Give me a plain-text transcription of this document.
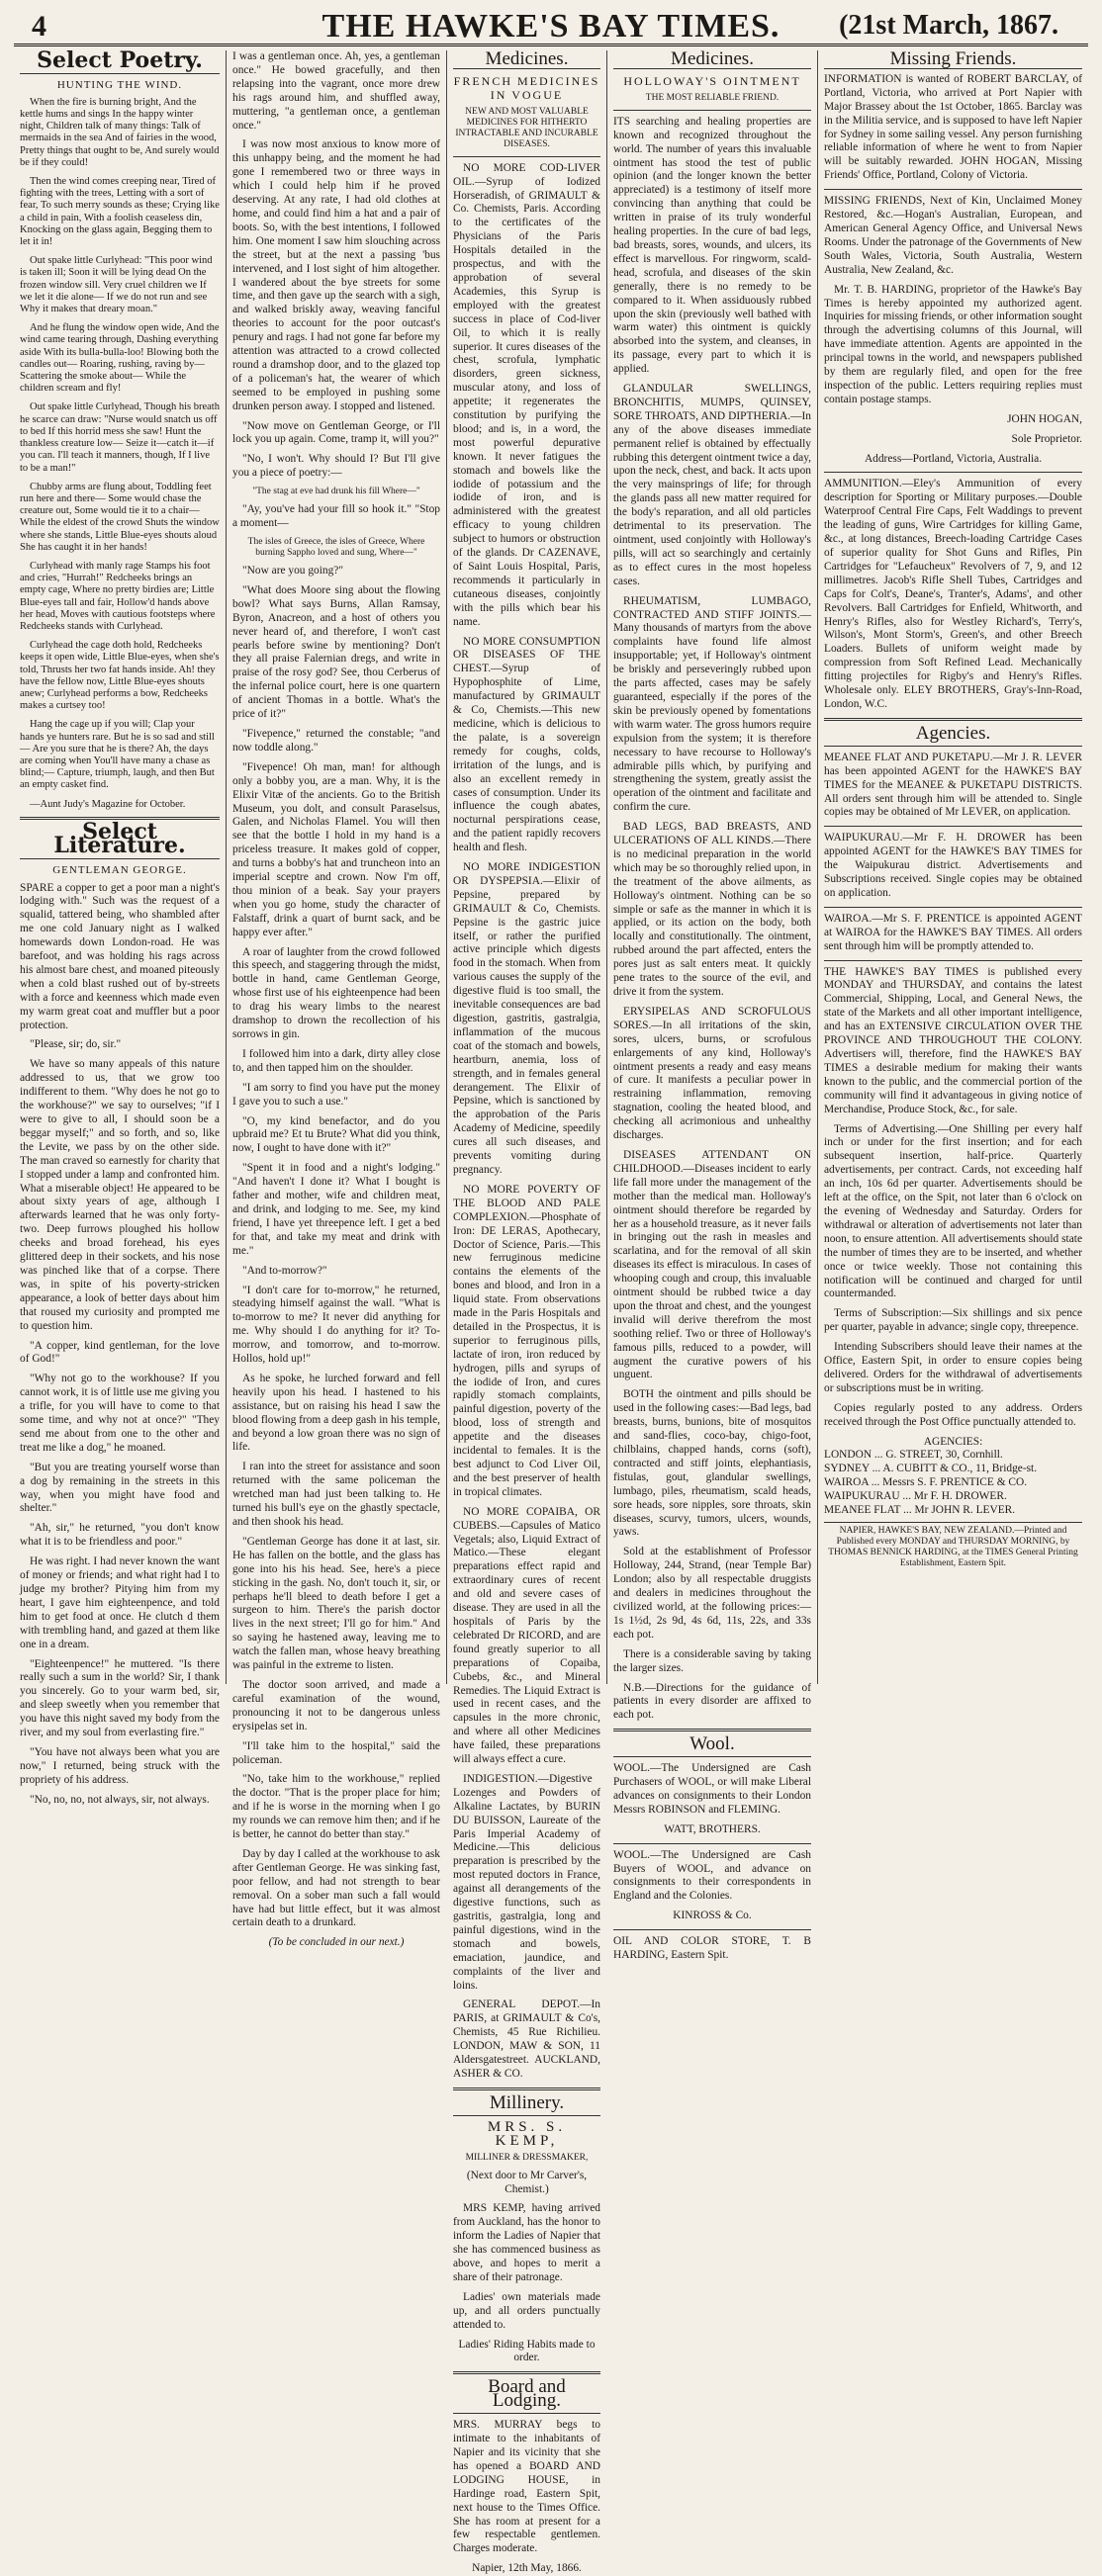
4	THE HAWKE'S BAY TIMES.	(21st March, 1867.
Select Poetry.
HUNTING THE WIND.

When the fire is burning bright, And the kettle hums and sings In the happy winter night, Children talk of many things: Talk of mermaids in the sea And of fairies in the wood, Pretty things that ought to be, And surely would be if they could!

Then the wind comes creeping near, Tired of fighting with the trees, Letting with a sort of fear, To such merry sounds as these; Crying like a child in pain, With a foolish ceaseless din, Knocking on the glass again, Begging them to let it in!

Out spake little Curlyhead: "This poor wind is taken ill; Soon it will be lying dead On the frozen window sill. Very cruel children we If we let it die alone— If we do not run and see Why it makes that dreary moan."

And he flung the window open wide, And the wind came tearing through, Dashing everything aside With its bulla-bulla-loo! Blowing both the candles out— Roaring, rushing, raving by— Scattering the smoke about— While the children scream and fly!

Out spake little Curlyhead, Though his breath he scarce can draw: "Nurse would snatch us off to bed If this horrid mess she saw! Hunt the thankless creature low— Seize it—catch it—if you can. I'll teach it manners, though, If I live to be a man!"

Chubby arms are flung about, Toddling feet run here and there— Some would chase the creature out, Some would tie it to a chair— While the eldest of the crowd Shuts the window where she stands, Little Blue-eyes shouts aloud She has caught it in her hands!

Curlyhead with manly rage Stamps his foot and cries, "Hurrah!" Redcheeks brings an empty cage, Where no pretty birdies are; Little Blue-eyes tall and fair, Hollow'd hands above her head, Moves with cautious footsteps where Redcheeks stands with Curlyhead.

Curlyhead the cage doth hold, Redcheeks keeps it open wide, Little Blue-eyes, when she's told, Thrusts her two fat hands inside. Ah! they have the fellow now, Little Blue-eyes shouts anew; Curlyhead performs a bow, Redcheeks makes a curtsey too!

Hang the cage up if you will; Clap your hands ye hunters rare. But he is so sad and still— Are you sure that he is there? Ah, the days are coming when You'll have many a chase as blind;— Capture, triumph, laugh, and then But an empty casket find.

—Aunt Judy's Magazine for October.

Select Literature.
GENTLEMAN GEORGE.

SPARE a copper to get a poor man a night's lodging with." Such was the request of a squalid, tattered being, who shambled after me one cold January night as I walked homewards down London-road. He was barefoot, and was holding his rags across his almost bare chest, and moaned piteously when a cold blast rushed out of by-streets with a force and keenness which made even my warm great coat and muffler but a poor protection.

"Please, sir; do, sir."

We have so many appeals of this nature addressed to us, that we grow too indifferent to them. "Why does he not go to the workhouse?" we say to ourselves; "if I were to give to all, I should soon be a beggar myself;" and so forth, and so, like the Levite, we pass by on the other side. The man craved so earnestly for charity that I stopped under a lamp and confronted him. What a miserable object! He appeared to be about sixty years of age, although I afterwards learned that he was only forty-two. Deep furrows ploughed his hollow cheeks and broad forehead, his eyes glittered deep in their sockets, and his nose was pinched like that of a corpse. There was, in spite of his poverty-stricken appearance, a look of better days about him that roused my curiosity and prompted me to question him.

"A copper, kind gentleman, for the love of God!"

"Why not go to the workhouse? If you cannot work, it is of little use me giving you a trifle, for you will have to come to that some time, and why not at once?" "They send me about from one to the other and treat me like a dog," he moaned.

"But you are treating yourself worse than a dog by remaining in the streets in this way, when you might have food and shelter."

"Ah, sir," he returned, "you don't know what it is to be friendless and poor."

He was right. I had never known the want of money or friends; and what right had I to judge my brother? Pitying him from my heart, I gave him eighteenpence, and told him to get food at once. He clutch d them with trembling hand, and gazed at them like one in a dream.

"Eighteenpence!" he muttered. "Is there really such a sum in the world? Sir, I thank you sincerely. Go to your warm bed, sir, and sleep sweetly when you remember that you have this night saved my body from the river, and my soul from everlasting fire."

"You have not always been what you are now," I returned, being struck with the propriety of his address.

"No, no, no, not always, sir, not always.

I was a gentleman once. Ah, yes, a gentleman once." He bowed gracefully, and then relapsing into the vagrant, once more drew his rags around him, and shuffled away, muttering, "a gentleman once, a gentleman once."

I was now most anxious to know more of this unhappy being, and the moment he had gone I remembered two or three ways in which I could help him if he proved deserving. At any rate, I had old clothes at home, and could find him a hat and a pair of boots. So, with the best intentions, I followed him. One moment I saw him slouching across the street, but at the next a passing 'bus intervened, and I lost sight of him altogether. I wandered about the bye streets for some time, and then gave up the search with a sigh, and walked briskly away, weaving fanciful theories to account for the poor outcast's penury and rags. I had not gone far before my attention was attracted to a crowd collected round a dramshop door, and to the glazed top of a policeman's hat, the wearer of which seemed to be employed in pushing some drunken person away. I stopped and listened.

"Now move on Gentleman George, or I'll lock you up again. Come, tramp it, will you?"

"No, I won't. Why should I? But I'll give you a piece of poetry:—

"The stag at eve had drunk his fill Where—"

"Ay, you've had your fill so hook it." "Stop a moment—

The isles of Greece, the isles of Greece, Where burning Sappho loved and sung, Where—"

"Now are you going?"

"What does Moore sing about the flowing bowl? What says Burns, Allan Ramsay, Byron, Anacreon, and a host of others you never heard of, and therefore, I won't cast pearls before swine by mentioning? Don't they all praise Falernian dregs, and write in praise of the rosy god? See, thou Cerberus of the infernal police court, here is one quartern of ancient Thomas in a bottle. What's the price of it?"

"Fivepence," returned the constable; "and now toddle along."

"Fivepence! Oh man, man! for although only a bobby you, are a man. Why, it is the Elixir Vitæ of the ancients. Go to the British Museum, you dolt, and consult Paraselsus, Galen, and Nicholas Flamel. You will then see that the bottle I hold in my hand is a priceless treasure. It makes gold of copper, and turns a bobby's hat and truncheon into an imperial sceptre and crown. Now I'm off, thou minion of a beak. Say your prayers when you go home, study the character of Falstaff, drink a quart of burnt sack, and be happy ever after."

A roar of laughter from the crowd followed this speech, and staggering through the midst, bottle in hand, came Gentleman George, whose first use of his eighteenpence had been to drag his weary limbs to the nearest dramshop to drown the recollection of his sorrows in gin.

I followed him into a dark, dirty alley close to, and then tapped him on the shoulder.

"I am sorry to find you have put the money I gave you to such a use."

"O, my kind benefactor, and do you upbraid me? Et tu Brute? What did you think, now, I ought to have done with it?"

"Spent it in food and a night's lodging." "And haven't I done it? What I bought is father and mother, wife and children meat, and drink, and lodging to me. See, my kind friend, I have yet threepence left. I get a bed for that, and take my meat and drink with me."

"And to-morrow?"

"I don't care for to-morrow," he returned, steadying himself against the wall. "What is to-morrow to me? It never did anything for me. Why should I do anything for it? To-morrow, and tomorrow, and to-morrow. Hollos, hold up!"

As he spoke, he lurched forward and fell heavily upon his head. I hastened to his assistance, but on raising his head I saw the blood flowing from a deep gash in his temple, and beyond a low groan there was no sign of life.

I ran into the street for assistance and soon returned with the same policeman the wretched man had just been talking to. He turned his bull's eye on the ghastly spectacle, and then shook his head.

"Gentleman George has done it at last, sir. He has fallen on the bottle, and the glass has gone into his his head. See, here's a piece sticking in the gash. No, don't touch it, sir, or perhaps he'll bleed to death before I get a surgeon to him. There's the parish doctor lives in the next street; I'll go for him." And so saying he hastened away, leaving me to watch the fallen man, whose heavy breathing was painful in the extreme to listen.

The doctor soon arrived, and made a careful examination of the wound, pronouncing it not to be dangerous unless erysipelas set in.

"I'll take him to the hospital," said the policeman.

"No, take him to the workhouse," replied the doctor. "That is the proper place for him; and if he is worse in the morning when I go my rounds we can remove him then; and if he is better, he cannot do better than stay."

Day by day I called at the workhouse to ask after Gentleman George. He was sinking fast, poor fellow, and had not strength to bear removal. On a sober man such a fall would have had but little effect, but it was almost certain death to a drunkard.

(To be concluded in our next.)

Medicines.

FRENCH MEDICINES IN VOGUE

NEW AND MOST VALUABLE MEDICINES FOR HITHERTO INTRACTABLE AND INCURABLE DISEASES.

NO MORE COD-LIVER OIL.—Syrup of Iodized Horseradish, of GRIMAULT & Co. Chemists, Paris. According to the certificates of the Physicians of the Paris Hospitals detailed in the prospectus, and with the approbation of several Academies, this Syrup is employed with the greatest success in place of Cod-liver Oil, to which it is really superior. It cures diseases of the chest, scrofula, lymphatic disorders, green sickness, muscular atony, and loss of appetite; it regenerates the constitution by purifying the blood; and is, in a word, the most powerful depurative known. It never fatigues the stomach and bowels like the iodide of potassium and the iodide of iron, and is administered with the greatest efficacy to young children subject to humors or obstruction of the glands. Dr CAZENAVE, of Saint Louis Hospital, Paris, recommends it particularly in cutaneous diseases, conjointly with the pills which bear his name.

NO MORE CONSUMPTION OR DISEASES OF THE CHEST.—Syrup of Hypophosphite of Lime, manufactured by GRIMAULT & Co, Chemists.—This new medicine, which is delicious to the palate, is a sovereign remedy for coughs, colds, irritation of the lungs, and is also an excellent remedy in cases of consumption. Under its influence the cough abates, nocturnal perspirations cease, and the patient rapidly recovers health and flesh.

NO MORE INDIGESTION OR DYSPEPSIA.—Elixir of Pepsine, prepared by GRIMAULT & Co, Chemists. Pepsine is the gastric juice itself, or rather the purified active principle which digests food in the stomach. When from various causes the supply of the digestive fluid is too small, the inevitable consequences are bad digestion, gastritis, gastralgia, inflammation of the mucous coat of the stomach and bowels, heartburn, anemia, loss of strength, and in females general derangement. The Elixir of Pepsine, which is sanctioned by the approbation of the Paris Academy of Medicine, speedily cures all such diseases, and prevents vomiting during pregnancy.

NO MORE POVERTY OF THE BLOOD AND PALE COMPLEXION.—Phosphate of Iron: DE LERAS, Apothecary, Doctor of Science, Paris.—This new ferruginous medicine contains the elements of the bones and blood, and Iron in a liquid state. From observations made in the Paris Hospitals and detailed in the Prospectus, it is superior to ferruginous pills, lactate of iron, iron reduced by hydrogen, pills and syrups of the iodide of Iron, and cures rapidly stomach complaints, painful digestion, poverty of the blood, loss of strength and appetite and the diseases incidental to females. It is the best adjunct to Cod Liver Oil, and the best preserver of health in tropical climates.

NO MORE COPAIBA, OR CUBEBS.—Capsules of Matico Vegetals; also, Liquid Extract of Matico.—These elegant preparations effect rapid and extraordinary cures of recent and old and severe cases of disease. They are used in all the hospitals of Paris by the celebrated Dr RICORD, and are found greatly superior to all preparations of Copaiba, Cubebs, &c., and Mineral Remedies. The Liquid Extract is used in recent cases, and the capsules in the more chronic, and where all other Medicines have failed, these preparations will always effect a cure.

INDIGESTION.—Digestive Lozenges and Powders of Alkaline Lactates, by BURIN DU BUISSON, Laureate of the Paris Imperial Academy of Medicine.—This delicious preparation is prescribed by the most reputed doctors in France, against all derangements of the digestive functions, such as gastritis, gastralgia, long and painful digestions, wind in the stomach and bowels, emaciation, jaundice, and complaints of the liver and loins.

GENERAL DEPOT.—In PARIS, at GRIMAULT & Co's, Chemists, 45 Rue Richilieu. LONDON, MAW & SON, 11 Aldersgatestreet. AUCKLAND, ASHER & CO.

Millinery.

MRS. S. KEMP,

MILLINER & DRESSMAKER,

(Next door to Mr Carver's, Chemist.)

MRS KEMP, having arrived from Auckland, has the honor to inform the Ladies of Napier that she has commenced business as above, and hopes to merit a share of their patronage.

Ladies' own materials made up, and all orders punctually attended to.

Ladies' Riding Habits made to order.

Board and Lodging.

MRS. MURRAY begs to intimate to the inhabitants of Napier and its vicinity that she has opened a BOARD AND LODGING HOUSE, in Hardinge road, Eastern Spit, next house to the Times Office. She has room at present for a few respectable gentlemen. Charges moderate.

Napier, 12th May, 1866.

Medicines.

HOLLOWAY'S OINTMENT

THE MOST RELIABLE FRIEND.

ITS searching and healing properties are known and recognized throughout the world. The number of years this invaluable ointment has stood the test of public opinion (and the longer known the better appreciated) is a testimony of itself more convincing than anything that could be written in praise of its truly wonderful healing properties. In the cure of bad legs, bad breasts, sores, wounds, and ulcers, its effect is marvellous. For ringworm, scald-head, scrofula, and diseases of the skin generally, there is no remedy to be compared to it. When assiduously rubbed upon the skin (previously well bathed with warm water) this ointment is quickly absorbed into the system, and cleanses, in its passage, every part to which it is applied.

GLANDULAR SWELLINGS, BRONCHITIS, MUMPS, QUINSEY, SORE THROATS, AND DIPTHERIA.—In any of the above diseases immediate permanent relief is obtained by effectually rubbing this detergent ointment twice a day, upon the neck, chest, and back. It acts upon the very mainsprings of life; for through the glands pass all new matter required for the body's reparation, and all old particles detrimental to its preservation. The ointment, used conjointly with Holloway's pills, will act so searchingly and certainly as to effect cures in the most hopeless cases.

RHEUMATISM, LUMBAGO, CONTRACTED AND STIFF JOINTS.—Many thousands of martyrs from the above complaints have found life almost insupportable; yet, if Holloway's ointment be briskly and perseveringly rubbed upon the parts affected, cases may be safely guaranteed, especially if the pores of the skin be previously opened by fomentations with warm water. The gross humors require expulsion from the system; it is therefore necessary to have recourse to Holloway's admirable pills which, by purifying and strengthening the system, greatly assist the operation of the ointment and facilitate and confirm the cure.

BAD LEGS, BAD BREASTS, AND ULCERATIONS OF ALL KINDS.—There is no medicinal preparation in the world which may be so thoroughly relied upon, in the treatment of the above ailments, as Holloway's ointment. Nothing can be so simple or safe as the manner in which it is applied, or its action on the body, both locally and constitutionally. The ointment, rubbed around the part affected, enters the pores just as salt enters meat. It quickly pene trates to the source of the evil, and drive it from the system.

ERYSIPELAS AND SCROFULOUS SORES.—In all irritations of the skin, sores, ulcers, burns, or scrofulous enlargements of any kind, Holloway's ointment presents a ready and easy means of cure. It manifests a peculiar power in restraining inflammation, removing stagnation, cooling the heated blood, and checking all acrimonious and unhealthy discharges.

DISEASES ATTENDANT ON CHILDHOOD.—Diseases incident to early life fall more under the management of the mother than the medical man. Holloway's ointment should therefore be regarded by her as a household treasure, as it never fails in bringing out the rash in measles and scarlatina, and for the removal of all skin diseases its effect is miraculous. In cases of whooping cough and croup, this invaluable ointment should be rubbed twice a day upon the throat and chest, and the youngest invalid will derive therefrom the most soothing relief. Two or three of Holloway's famous pills, reduced to a powder, will augment the curative powers of his unguent.

BOTH the ointment and pills should be used in the following cases:—Bad legs, bad breasts, burns, bunions, bite of mosquitos and sand-flies, coco-bay, chigo-foot, chilblains, chapped hands, corns (soft), contracted and stiff joints, elephantiasis, fistulas, gout, glandular swellings, lumbago, piles, rheumatism, scald heads, sore heads, sore nipples, sore throats, skin diseases, scurvy, tumors, ulcers, wounds, yaws.

Sold at the establishment of Professor Holloway, 244, Strand, (near Temple Bar) London; also by all respectable druggists and dealers in medicines throughout the civilized world, at the following prices:—1s 1½d, 2s 9d, 4s 6d, 11s, 22s, and 33s each pot.

There is a considerable saving by taking the larger sizes.

N.B.—Directions for the guidance of patients in every disorder are affixed to each pot.

Wool.

WOOL.—The Undersigned are Cash Purchasers of WOOL, or will make Liberal advances on consignments to their London Messrs ROBINSON and FLEMING.

WATT, BROTHERS.

WOOL.—The Undersigned are Cash Buyers of WOOL, and advance on consignments to their correspondents in England and the Colonies.

KINROSS & Co.

OIL AND COLOR STORE, T. B HARDING, Eastern Spit.

Missing Friends.

INFORMATION is wanted of ROBERT BARCLAY, of Portland, Victoria, who arrived at Port Napier with Major Brassey about the 1st October, 1865. Barclay was in the Militia service, and is supposed to have left Napier for Sydney in some sailing vessel. Any person furnishing reliable information of where he went to from Napier will be suitably rewarded. JOHN HOGAN, Missing Friends' Office, Portland, Colony of Victoria.

MISSING FRIENDS, Next of Kin, Unclaimed Money Restored, &c.—Hogan's Australian, European, and American General Agency Office, and Universal News Rooms. Under the patronage of the Governments of New South Wales, Victoria, South Australia, Western Australia, New Zealand, &c.

Mr. T. B. HARDING, proprietor of the Hawke's Bay Times is hereby appointed my authorized agent. Inquiries for missing friends, or other information sought through the advertising columns of this Journal, will have immediate attention. Agents are appointed in the principal towns in the world, and newspapers published by them are regularly filed, and open for the free inspection of the public. Letters requiring replies must contain postage stamps.

JOHN HOGAN,

Sole Proprietor.

Address—Portland, Victoria, Australia.

AMMUNITION.—Eley's Ammunition of every description for Sporting or Military purposes.—Double Waterproof Central Fire Caps, Felt Waddings to prevent the leading of guns, Wire Cartridges for killing Game, &c., at long distances, Breech-loading Cartridge Cases of superior quality for Shot Guns and Rifles, Pin Cartridges for "Lefaucheux" Revolvers of 7, 9, and 12 millimetres. Jacob's Rifle Shell Tubes, Cartridges and Caps for Colt's, Deane's, Tranter's, Adams', and other Revolvers. Ball Cartridges for Enfield, Whitworth, and Henry's Rifles, also for Westley Richard's, Terry's, Wilson's, Mont Storm's, Green's, and other Breech Loaders. Bullets of uniform weight made by compression from Soft Refined Lead. Mechanically fitting projectiles for Rigby's and Henry's Rifles. Wholesale only. ELEY BROTHERS, Gray's-Inn-Road, London, W.C.

Agencies.

MEANEE FLAT AND PUKETAPU.—Mr J. R. LEVER has been appointed AGENT for the HAWKE'S BAY TIMES for the MEANEE & PUKETAPU DISTRICTS. All orders sent through him will be attended to. Single copies may be obtained of Mr LEVER, on application.

WAIPUKURAU.—Mr F. H. DROWER has been appointed AGENT for the HAWKE'S BAY TIMES for the Waipukurau district. Advertisements and Subscriptions received. Single copies may be obtained on application.

WAIROA.—Mr S. F. PRENTICE is appointed AGENT at WAIROA for the HAWKE'S BAY TIMES. All orders sent through him will be promptly attended to.

THE HAWKE'S BAY TIMES is published every MONDAY and THURSDAY, and contains the latest Commercial, Shipping, Local, and General News, the state of the Markets and all other important intelligence, and has an EXTENSIVE CIRCULATION OVER THE PROVINCE AND THROUGHOUT THE COLONY. Advertisers will, therefore, find the HAWKE'S BAY TIMES a desirable medium for making their wants known to the public, and the commercial portion of the community will find it advantageous in giving notice of Merchandise, Produce Stock, &c., for sale.

Terms of Advertising.—One Shilling per every half inch or under for the first insertion; and for each subsequent insertion, half-price. Quarterly advertisements, per contract. Cards, not exceeding half an inch, 10s 6d per quarter. Advertisements should be left at the office, on the Spit, not later than 6 o'clock on the evening of Wednesday and Saturday. Orders for withdrawal or alteration of advertisements not later than noon, to ensure attention. All advertisements should state the number of times they are to be inserted, and whether once or twice weekly. Those not containing this notification will be continued and charged for until countermanded.

Terms of Subscription:—Six shillings and six pence per quarter, payable in advance; single copy, threepence.

Intending Subscribers should leave their names at the Office, Eastern Spit, in order to ensure copies being delivered. Orders for the withdrawal of advertisements or subscriptions must be in writing.

Copies regularly posted to any address. Orders received through the Post Office punctually attended to.

AGENCIES:

LONDON ... G. STREET, 30, Cornhill.

SYDNEY ... A. CUBITT & CO., 11, Bridge-st.

WAIROA ... Messrs S. F. PRENTICE & CO.

WAIPUKURAU ... Mr F. H. DROWER.

MEANEE FLAT ... Mr JOHN R. LEVER.

NAPIER, HAWKE'S BAY, NEW ZEALAND.—Printed and Published every MONDAY and THURSDAY MORNING, by THOMAS BENNICK HARDING, at the TIMES General Printing Establishment, Eastern Spit.
